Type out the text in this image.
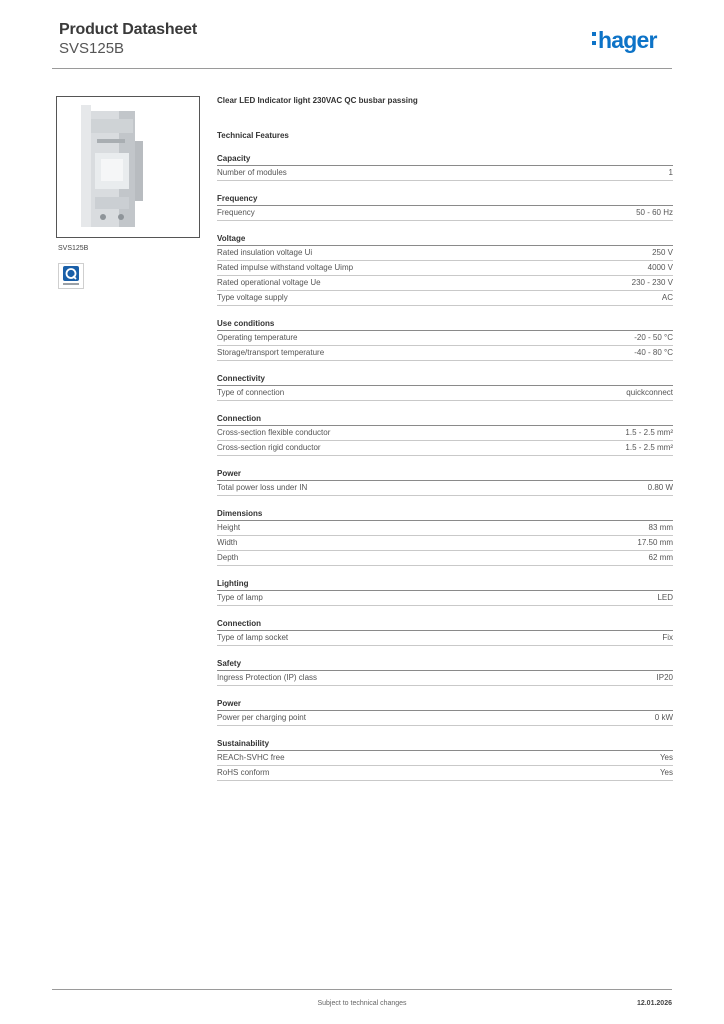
Product Datasheet
SVS125B	hager
SVS125B
Clear LED Indicator light 230VAC QC busbar passing
Technical Features
Capacity
Number of modules	1
Frequency
Frequency	50 - 60 Hz
Voltage
Rated insulation voltage Ui	250 V
Rated impulse withstand voltage Uimp	4000 V
Rated operational voltage Ue	230 - 230 V
Type voltage supply	AC
Use conditions
Operating temperature	-20 - 50 °C
Storage/transport temperature	-40 - 80 °C
Connectivity
Type of connection	quickconnect
Connection
Cross-section flexible conductor	1.5 - 2.5 mm²
Cross-section rigid conductor	1.5 - 2.5 mm²
Power
Total power loss under IN	0.80 W
Dimensions
Height	83 mm
Width	17.50 mm
Depth	62 mm
Lighting
Type of lamp	LED
Connection
Type of lamp socket	Fix
Safety
Ingress Protection (IP) class	IP20
Power
Power per charging point	0 kW
Sustainability
REACh-SVHC free	Yes
RoHS conform	Yes
Subject to technical changes	12.01.2026
